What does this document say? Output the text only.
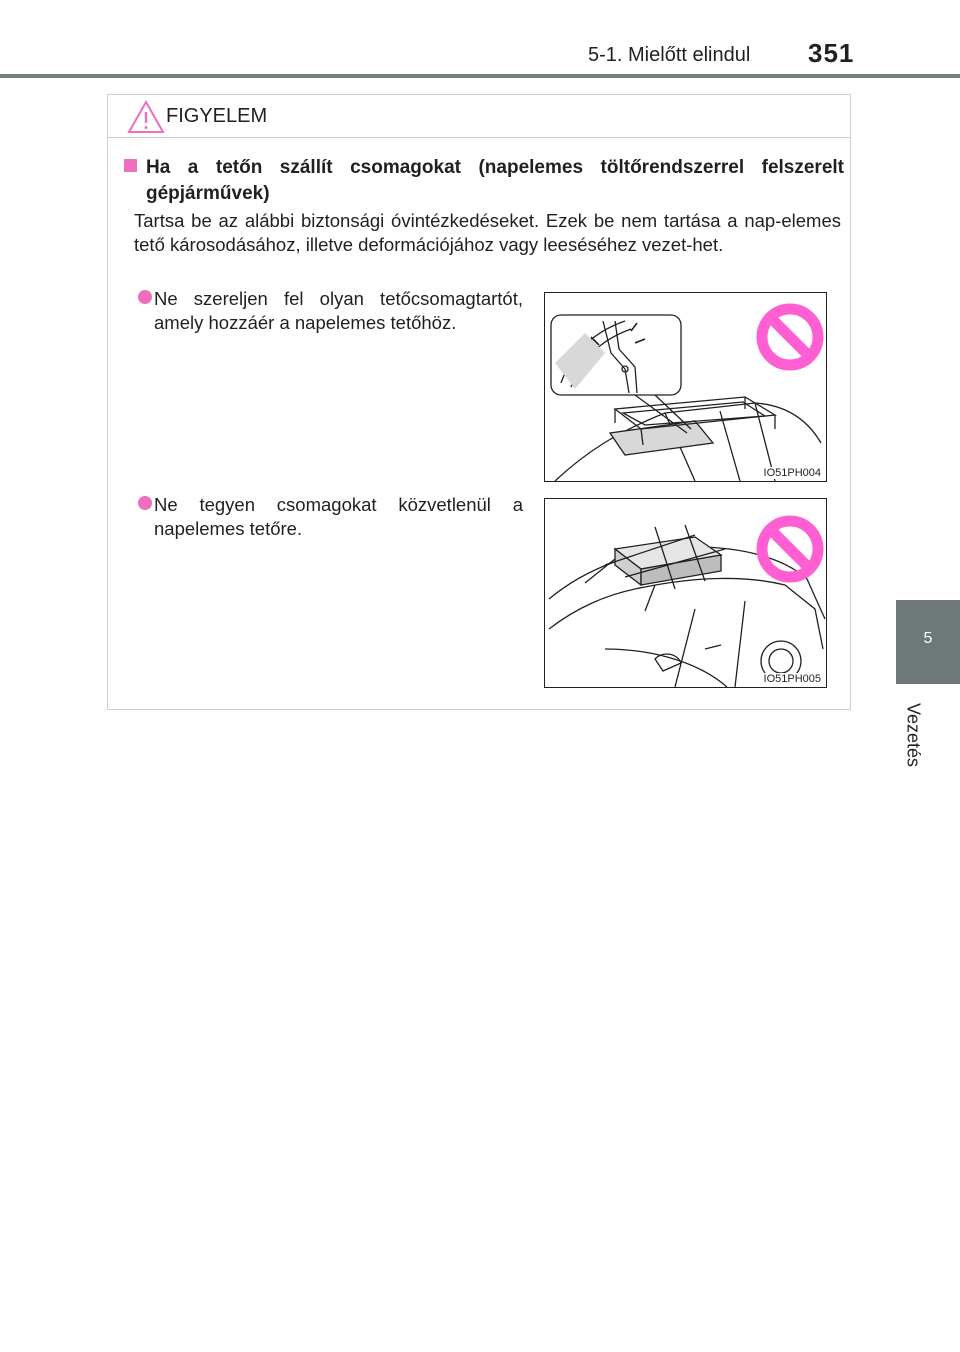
5-1. Mielőtt elindul 351
5
Vezetés
FIGYELEM
Ha a tetőn szállít csomagokat (napelemes töltőrendszerrel felszerelt gépjárművek)
Tartsa be az alábbi biztonsági óvintézkedéseket. Ezek be nem tartása a nap-elemes tető károsodásához, illetve deformációjához vagy leeséséhez vezet-het.
Ne szereljen fel olyan tetőcsomagtartót, amely hozzáér a napelemes tetőhöz.
IO51PH004
Ne tegyen csomagokat közvetlenül a napelemes tetőre.
IO51PH005
